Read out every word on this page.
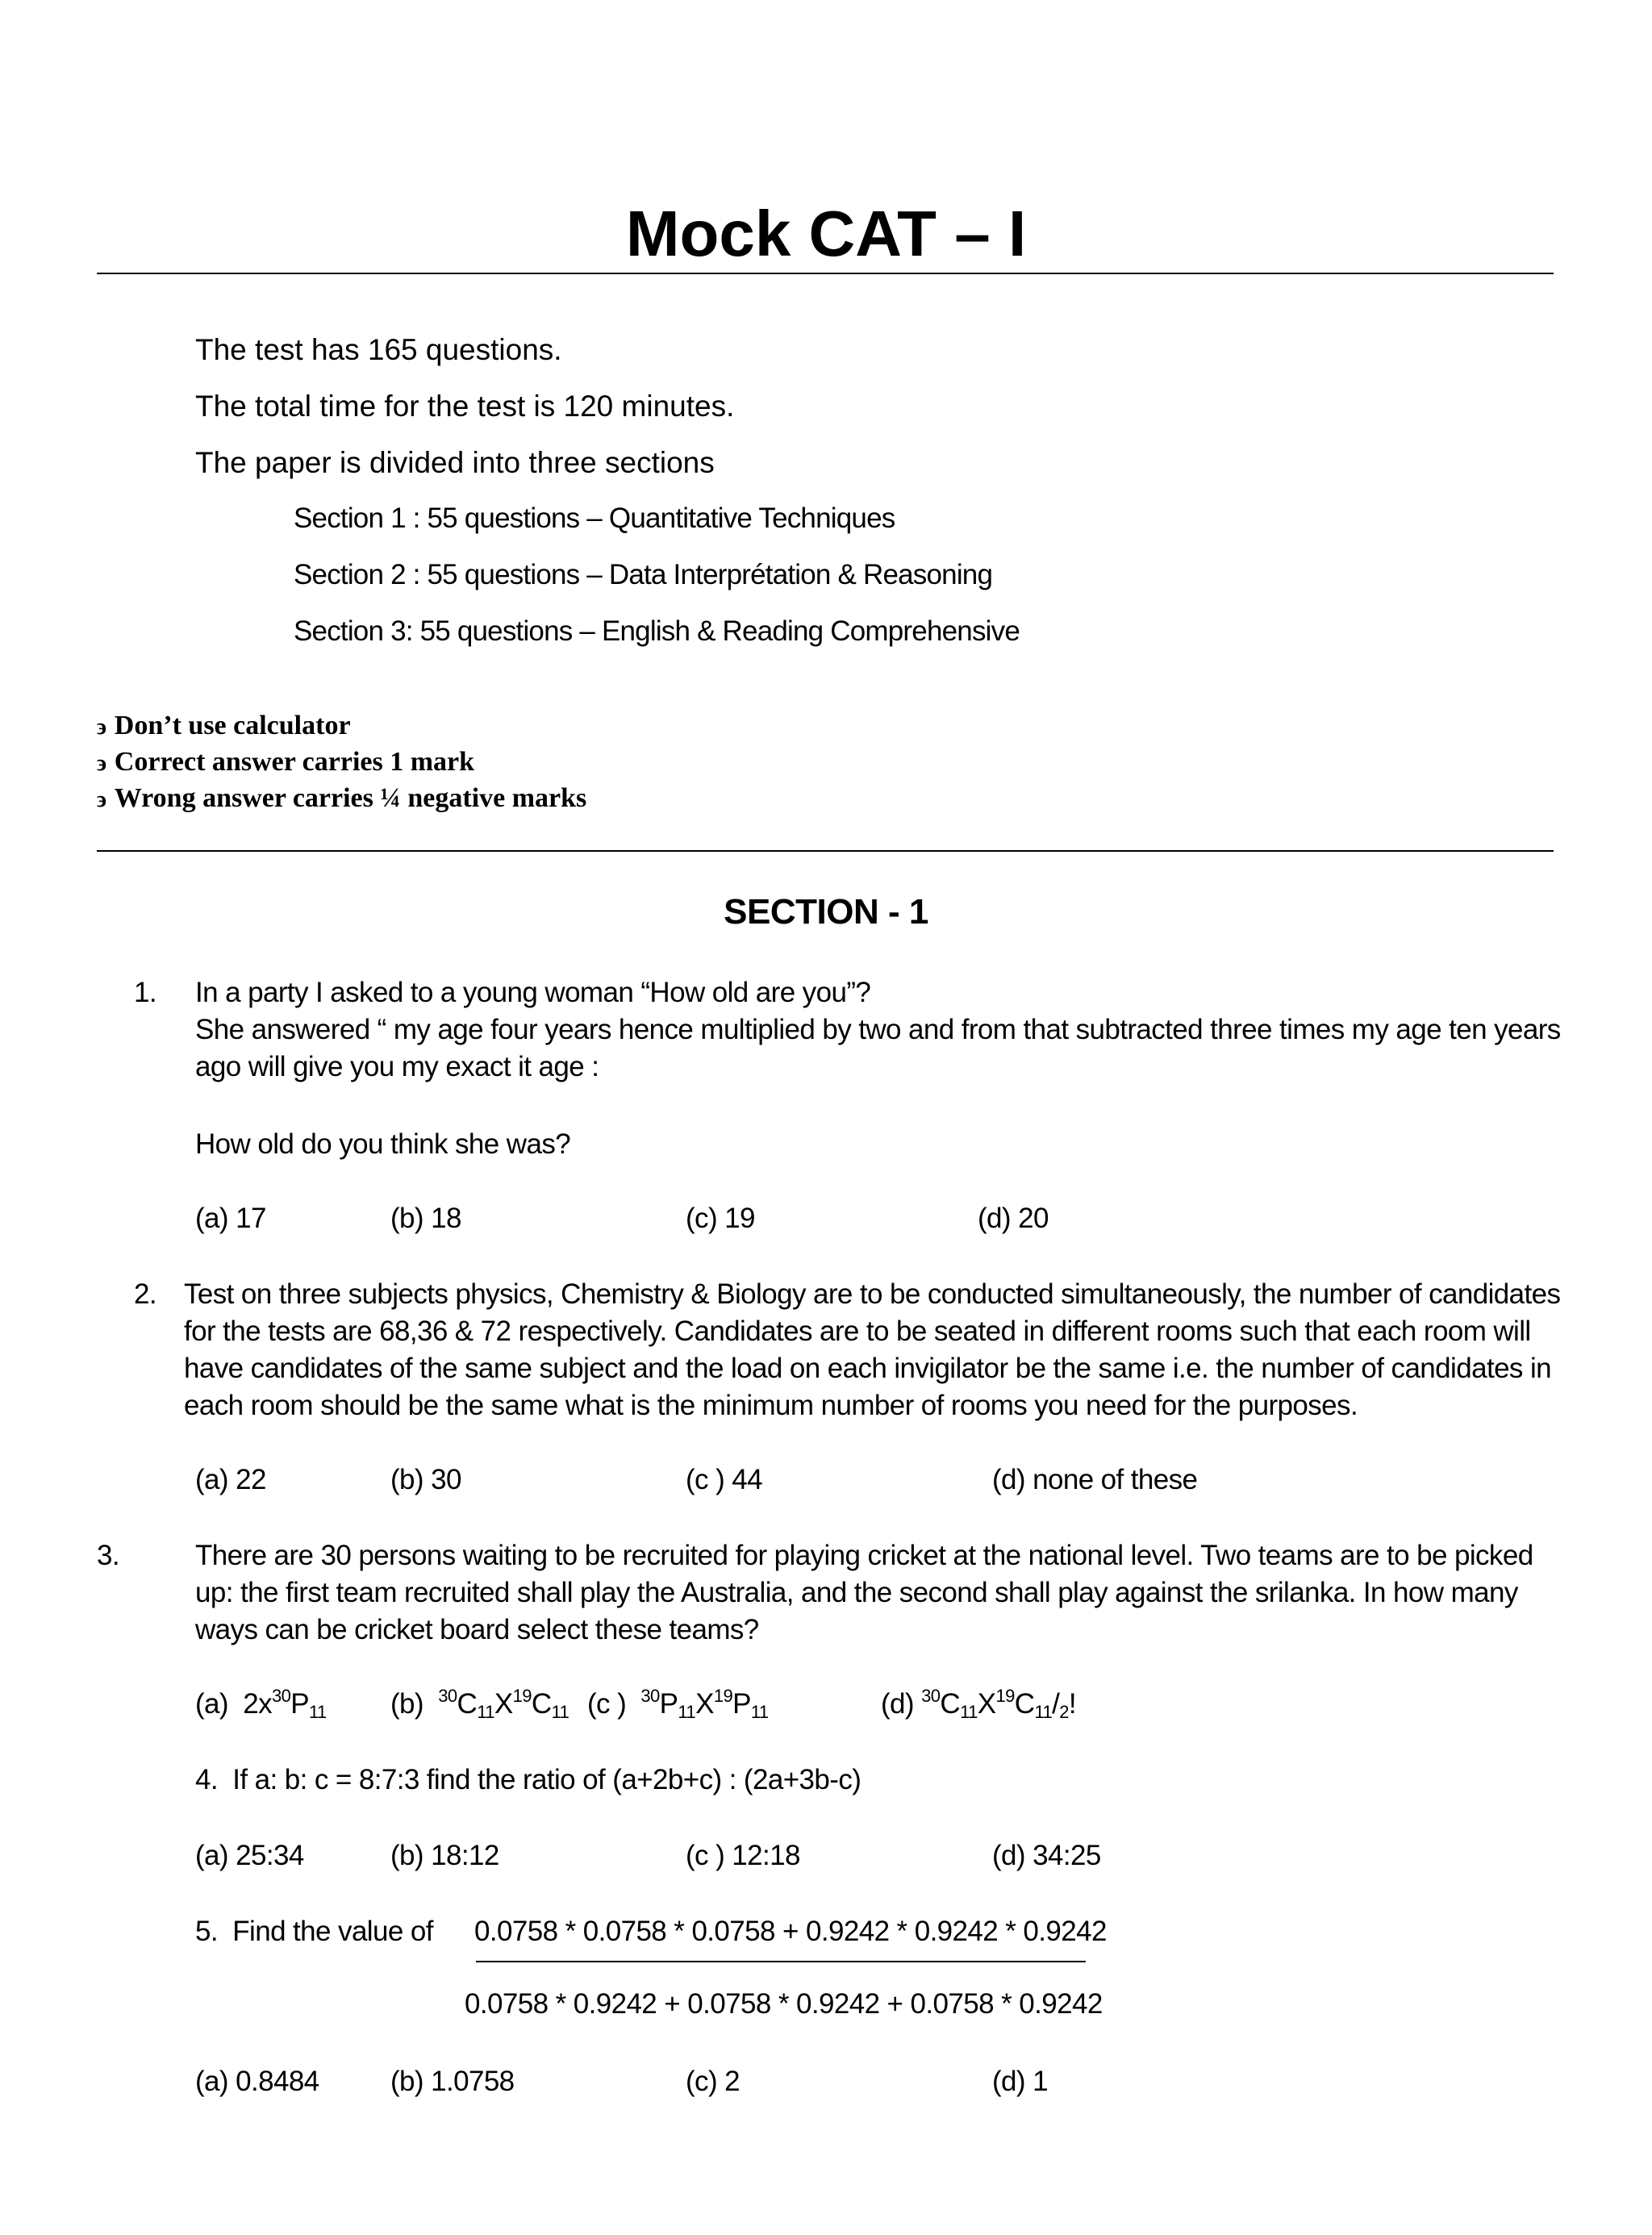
Mock CAT – I
The test has 165 questions.
The total time for the test is 120 minutes.
The paper is divided into three sections
Section 1 : 55 questions – Quantitative Techniques
Section 2 : 55 questions – Data Interprétation & Reasoning
Section 3: 55 questions – English & Reading Comprehensive
϶ Don’t use calculator
϶ Correct answer carries 1 mark
϶ Wrong answer carries ¼ negative marks
SECTION - 1
1. In a party I asked to a young woman “How old are you”?
She answered “ my age four years hence multiplied by two and from that subtracted three times my age ten years
ago will give you my exact it age :
How old do you think she was?
(a) 17	(b) 18	(c) 19	(d) 20
2. Test on three subjects physics, Chemistry & Biology are to be conducted simultaneously, the number of candidates
for the tests are 68,36 & 72 respectively. Candidates are to be seated in different rooms such that each room will
have candidates of the same subject and the load on each invigilator be the same i.e. the number of candidates in
each room should be the same what is the minimum number of rooms you need for the purposes.
(a) 22	(b) 30	(c ) 44	(d) none of these
3.	There are 30 persons waiting to be recruited for playing cricket at the national level. Two teams are to be picked
up: the first team recruited shall play the Australia, and the second shall play against the srilanka. In how many
ways can be cricket board select these teams?
(a) $2x^{30}P_{11}$ (b) $^{30}C_{11}X^{19}C_{11}$ (c ) $^{30}P_{11}X^{19}P_{11}$	(d) $^{30}C_{11}X^{19}C_{11}/_2$!
4. If a: b: c = 8:7:3 find the ratio of (a+2b+c) : (2a+3b-c)
(a) 25:34	(b) 18:12	(c ) 12:18	(d) 34:25
5. Find the value of 0.0758 * 0.0758 * 0.0758 + 0.9242 * 0.9242 * 0.9242
0.0758 * 0.9242 + 0.0758 * 0.9242 + 0.0758 * 0.9242
(a) 0.8484	(b) 1.0758	(c) 2	(d) 1
